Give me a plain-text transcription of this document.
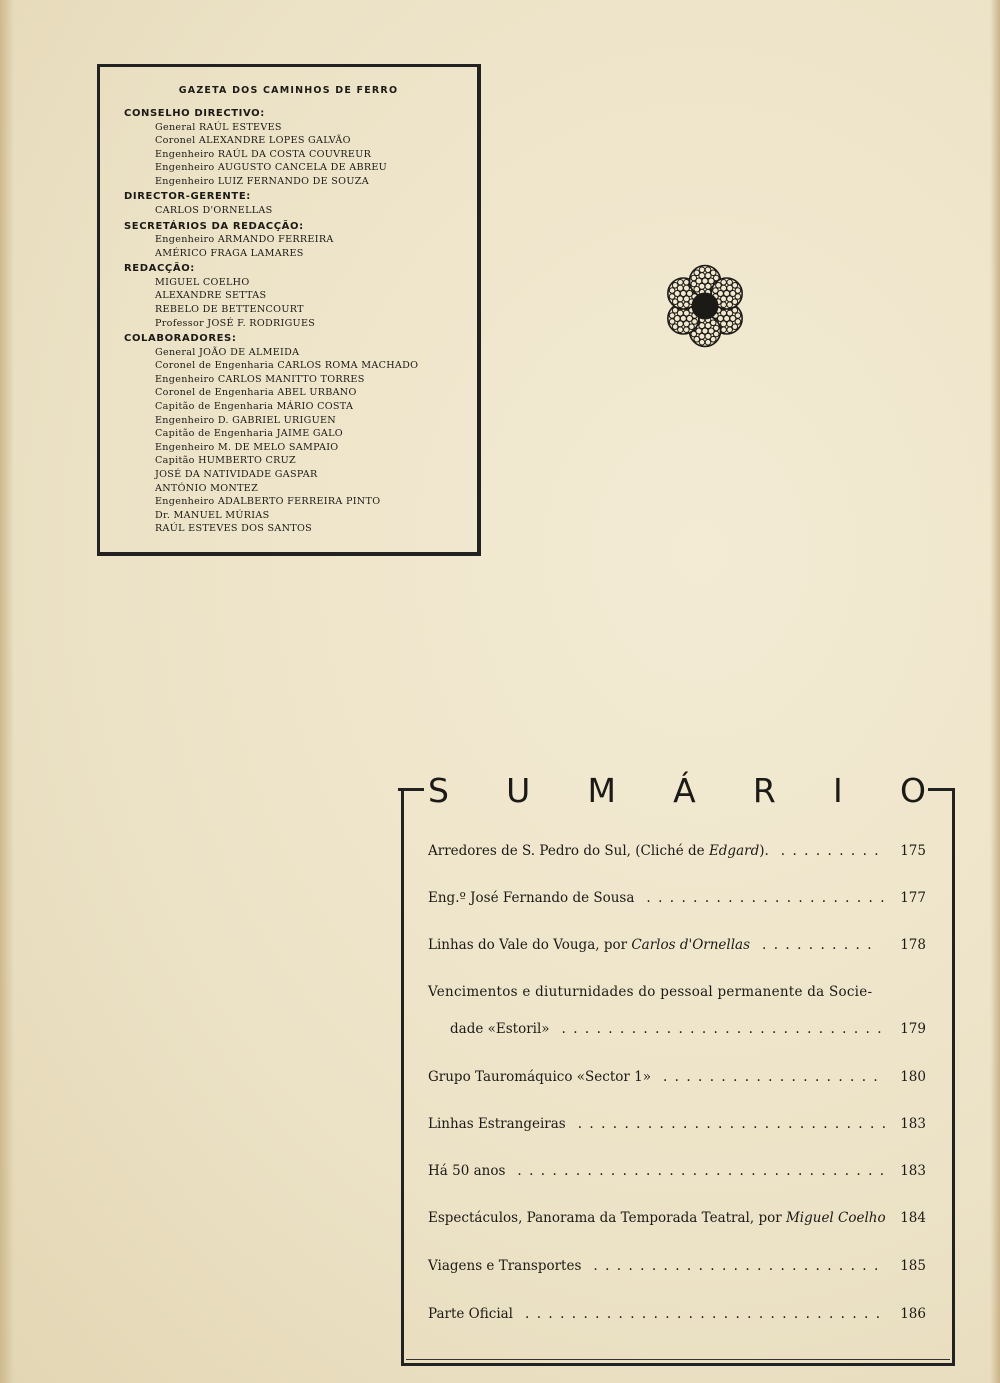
GAZETA DOS CAMINHOS DE FERRO
CONSELHO DIRECTIVO:
General RAÚL ESTEVES
Coronel ALEXANDRE LOPES GALVÃO
Engenheiro RAÚL DA COSTA COUVREUR
Engenheiro AUGUSTO CANCELA DE ABREU
Engenheiro LUIZ FERNANDO DE SOUZA
DIRECTOR-GERENTE:
CARLOS D'ORNELLAS
SECRETÁRIOS DA REDACÇÃO:
Engenheiro ARMANDO FERREIRA
AMÉRICO FRAGA LAMARES
REDACÇÃO:
MIGUEL COELHO
ALEXANDRE SETTAS
REBELO DE BETTENCOURT
Professor JOSÉ F. RODRIGUES
COLABORADORES:
General JOÃO DE ALMEIDA
Coronel de Engenharia CARLOS ROMA MACHADO
Engenheiro CARLOS MANITTO TORRES
Coronel de Engenharia ABEL URBANO
Capitão de Engenharia MÁRIO COSTA
Engenheiro D. GABRIEL URIGUEN
Capitão de Engenharia JAIME GALO
Engenheiro M. DE MELO SAMPAIO
Capitão HUMBERTO CRUZ
JOSÉ DA NATIVIDADE GASPAR
ANTÓNIO MONTEZ
Engenheiro ADALBERTO FERREIRA PINTO
Dr. MANUEL MÚRIAS
RAÚL ESTEVES DOS SANTOS
S U M Á R I O
Arredores de S. Pedro do Sul, (Cliché de Edgard).	175
.........
Eng.º José Fernando de Sousa	177
.....................
Linhas do Vale do Vouga, por Carlos d'Ornellas	178
..........
Vencimentos e diuturnidades do pessoal permanente da Socie-
dade «Estoril»	179
............................
Grupo Tauromáquico «Sector 1»	180
...................
Linhas Estrangeiras	183
...........................
Há 50 anos	183
................................
Espectáculos, Panorama da Temporada Teatral, por Miguel Coelho 184
Viagens e Transportes	185
.........................
Parte Oficial	186
...............................
